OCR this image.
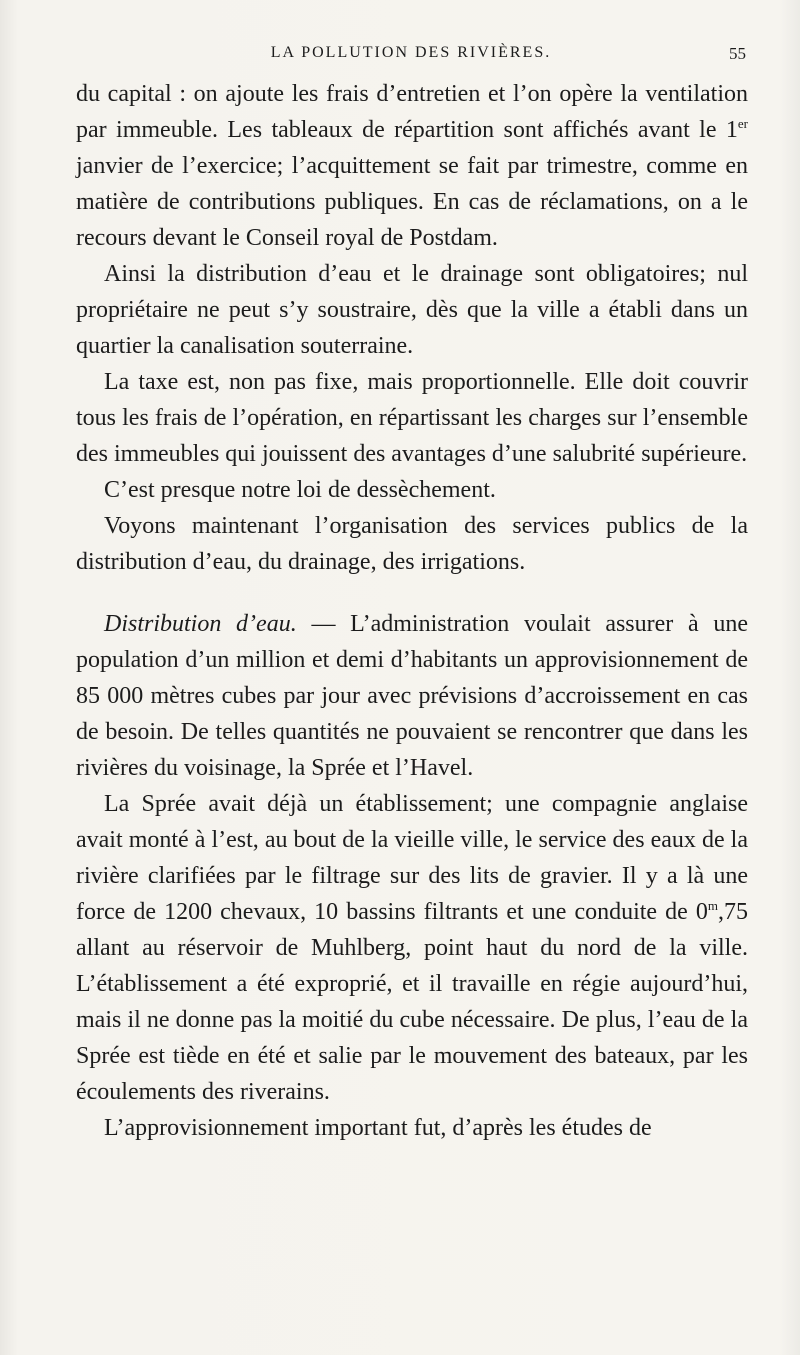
LA POLLUTION DES RIVIÈRES.	55

du capital : on ajoute les frais d’entretien et l’on opère la ventilation par immeuble. Les tableaux de répartition sont affichés avant le 1er janvier de l’exercice; l’acquittement se fait par trimestre, comme en matière de contributions publiques. En cas de réclamations, on a le recours devant le Conseil royal de Postdam.

Ainsi la distribution d’eau et le drainage sont obligatoires; nul propriétaire ne peut s’y soustraire, dès que la ville a établi dans un quartier la canalisation souterraine.

La taxe est, non pas fixe, mais proportionnelle. Elle doit couvrir tous les frais de l’opération, en répartissant les charges sur l’ensemble des immeubles qui jouissent des avantages d’une salubrité supérieure.

C’est presque notre loi de dessèchement.

Voyons maintenant l’organisation des services publics de la distribution d’eau, du drainage, des irrigations.

Distribution d’eau. — L’administration voulait assurer à une population d’un million et demi d’habitants un approvisionnement de 85 000 mètres cubes par jour avec prévisions d’accroissement en cas de besoin. De telles quantités ne pouvaient se rencontrer que dans les rivières du voisinage, la Sprée et l’Havel.

La Sprée avait déjà un établissement; une compagnie anglaise avait monté à l’est, au bout de la vieille ville, le service des eaux de la rivière clarifiées par le filtrage sur des lits de gravier. Il y a là une force de 1200 chevaux, 10 bassins filtrants et une conduite de 0$^m$,75 allant au réservoir de Muhlberg, point haut du nord de la ville. L’établissement a été exproprié, et il travaille en régie aujourd’hui, mais il ne donne pas la moitié du cube nécessaire. De plus, l’eau de la Sprée est tiède en été et salie par le mouvement des bateaux, par les écoulements des riverains.

L’approvisionnement important fut, d’après les études de
